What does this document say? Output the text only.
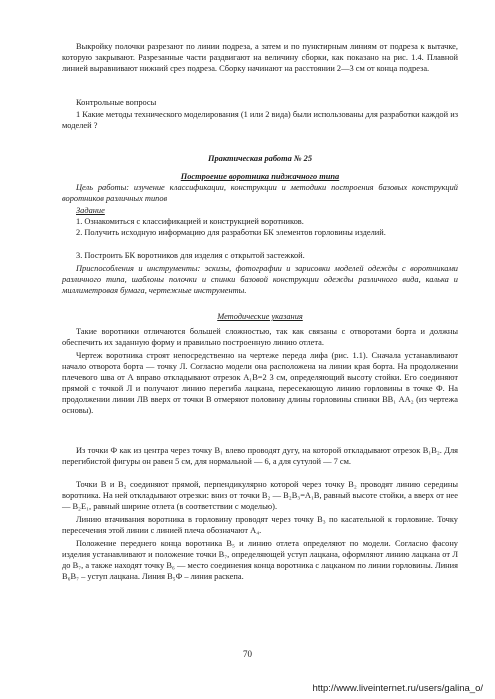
Выкройку полочки разрезают по линии подреза, а затем и по пунктирным линиям от подреза к вытачке, которую закрывают. Разрезанные части раздвигают на величину сборки, как показано на рис. 1.4. Плавной линией выравнивают нижний срез подреза. Сборку начинают на расстоянии 2—3 см от конца подреза.

Контрольные вопросы

1 Какие методы технического моделирования (1 или 2 вида) были использованы для разработки каждой из моделей ?

Практическая работа № 25

Построение воротника пиджачного типа

Цель работы: изучение классификации, конструкции и методики построения базовых конструкций воротников различных типов

Задание

1. Ознакомиться с классификацией и конструкцией воротников.

2. Получить исходную информацию для разработки БК элементов горловины изделий.

3. Построить БК воротников для изделия с открытой застежкой.

Приспособления и инструменты: эскизы, фотографии и зарисовки моделей одежды с воротниками различного типа, шаблоны полочки и спинки базовой конструкции одежды различного вида, калька и миллиметровая бумага, чертежные инструменты.

Методические указания

Такие воротники отличаются большей сложностью, так как связаны с отворотами борта и должны обеспечить их заданную форму и правильно построенную линию отлета.

Чертеж воротника строят непосредственно на чертеже переда лифа (рис. 1.1). Сначала устанавливают начало отворота борта — точку Л. Согласно модели она расположена на линии края борта. На продолжении плечевого шва от А вправо откладывают отрезок А₁В=2 3 см, определяющий высоту стойки. Его соединяют прямой с точкой Л и получают линию перегиба лацкана, пересекающую линию горловины в точке Ф. На продолжении линии ЛВ вверх от точки В отмеряют половину длины горловины спинки ВВ₁ АА₂ (из чертежа основы).

Из точки Ф как из центра через точку В₁ влево проводят дугу, на которой откладывают отрезок В₁В₂. Для перегибистой фигуры он равен 5 см, для нормальной — 6, а для сутулой — 7 см.

Точки В и В₂ соединяют прямой, перпендикулярно которой через точку В₂ проводят линию середины воротника. На ней откладывают отрезки: вниз от точки В₂ — В₂В₃=А₁В, равный высоте стойки, а вверх от нее — В₂Е₁, равный ширине отлета (в соответствии с моделью).

Линию втачивания воротника в горловину проводят через точку В₃ по касательной к горловине. Точку пересечения этой линии с линией плеча обозначают А₄.

Положение переднего конца воротника В₅ и линию отлета определяют по модели. Согласно фасону изделия устанавливают и положение точки В₇, определяющей уступ лацкана, оформляют линию лацкана от Л до В₇, а также находят точку В₆ — место соединения конца воротника с лацканом по линии горловины. Линия В₆В₇ – уступ лацкана. Линия В₅Ф – линия раскепа.

70
http://www.liveinternet.ru/users/galina_o/
